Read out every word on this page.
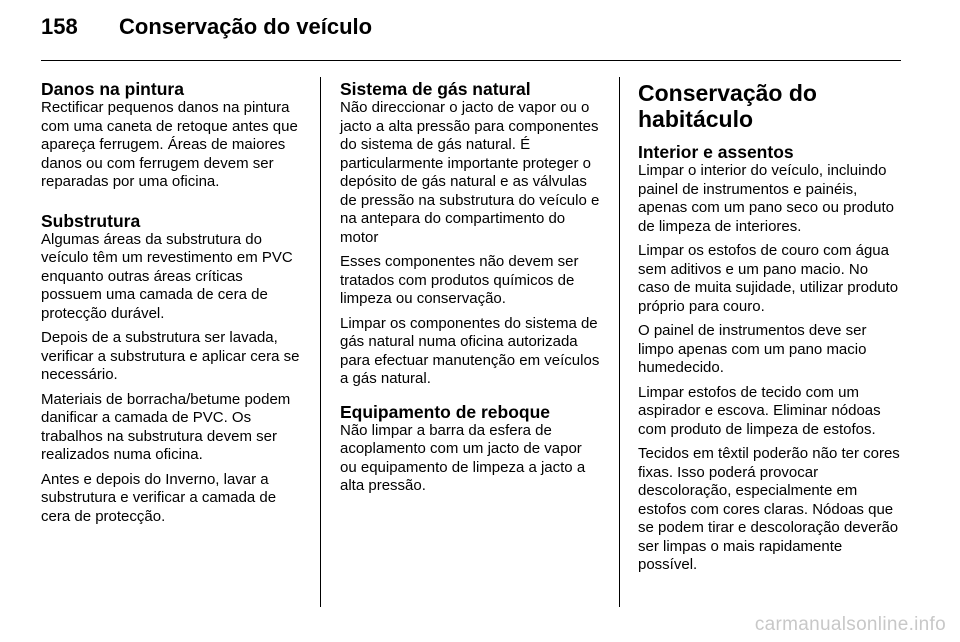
158	Conservação do veículo
Danos na pintura

Rectificar pequenos danos na pintura com uma caneta de retoque antes que apareça ferrugem. Áreas de maiores danos ou com ferrugem devem ser reparadas por uma oficina.

Substrutura

Algumas áreas da substrutura do veículo têm um revestimento em PVC enquanto outras áreas críticas possuem uma camada de cera de protecção durável.

Depois de a substrutura ser lavada, verificar a substrutura e aplicar cera se necessário.

Materiais de borracha/betume podem danificar a camada de PVC. Os trabalhos na substrutura devem ser realizados numa oficina.

Antes e depois do Inverno, lavar a substrutura e verificar a camada de cera de protecção.

Sistema de gás natural

Não direccionar o jacto de vapor ou o jacto a alta pressão para componentes do sistema de gás natural. É particularmente importante proteger o depósito de gás natural e as válvulas de pressão na substrutura do veículo e na antepara do compartimento do motor

Esses componentes não devem ser tratados com produtos químicos de limpeza ou conservação.

Limpar os componentes do sistema de gás natural numa oficina autorizada para efectuar manutenção em veículos a gás natural.

Equipamento de reboque

Não limpar a barra da esfera de acoplamento com um jacto de vapor ou equipamento de limpeza a jacto a alta pressão.

Conservação do habitáculo
Interior e assentos

Limpar o interior do veículo, incluindo painel de instrumentos e painéis, apenas com um pano seco ou produto de limpeza de interiores.

Limpar os estofos de couro com água sem aditivos e um pano macio. No caso de muita sujidade, utilizar produto próprio para couro.

O painel de instrumentos deve ser limpo apenas com um pano macio humedecido.

Limpar estofos de tecido com um aspirador e escova. Eliminar nódoas com produto de limpeza de estofos.

Tecidos em têxtil poderão não ter cores fixas. Isso poderá provocar descoloração, especialmente em estofos com cores claras. Nódoas que se podem tirar e descoloração deverão ser limpas o mais rapidamente possível.

carmanualsonline.info
